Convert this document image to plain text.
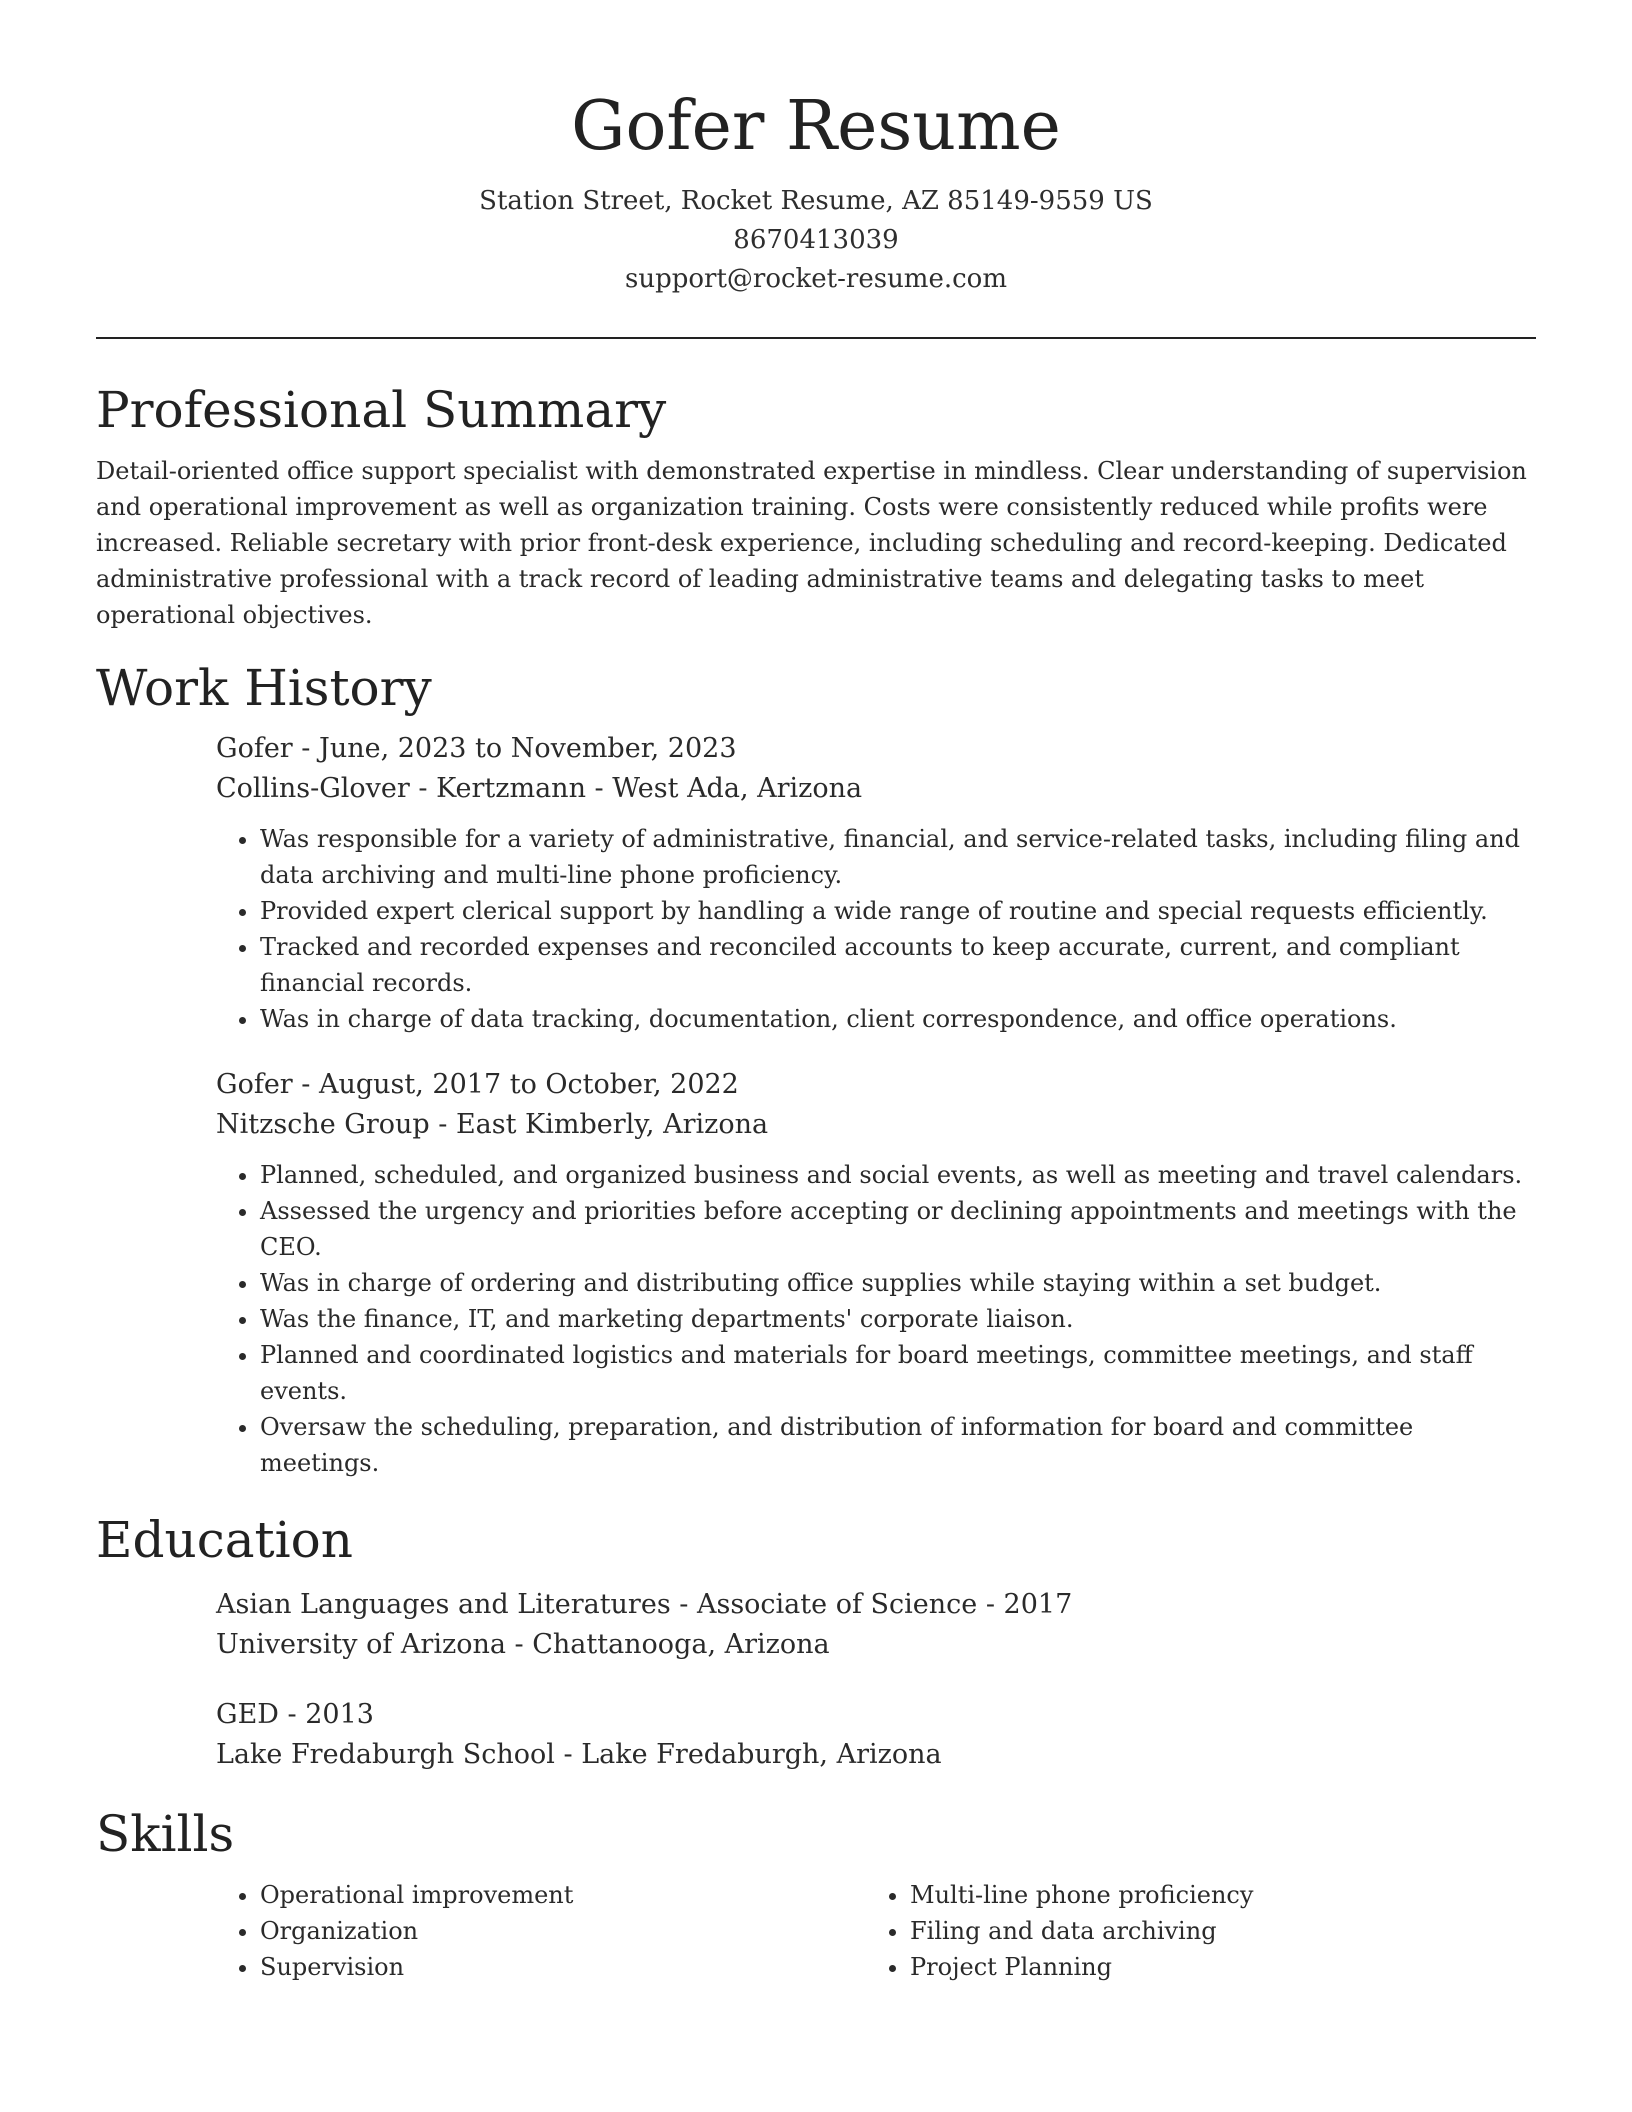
Gofer Resume
Station Street, Rocket Resume, AZ 85149-9559 US
8670413039
support@rocket-resume.com
Professional Summary

Detail-oriented office support specialist with demonstrated expertise in mindless. Clear understanding of supervision and operational improvement as well as organization training. Costs were consistently reduced while profits were increased. Reliable secretary with prior front-desk experience, including scheduling and record-keeping. Dedicated administrative professional with a track record of leading administrative teams and delegating tasks to meet operational objectives.

Work History
Gofer - June, 2023 to November, 2023
Collins-Glover - Kertzmann - West Ada, Arizona
• Was responsible for a variety of administrative, financial, and service-related tasks, including filing and data archiving and multi-line phone proficiency.
• Provided expert clerical support by handling a wide range of routine and special requests efficiently.
• Tracked and recorded expenses and reconciled accounts to keep accurate, current, and compliant financial records.
• Was in charge of data tracking, documentation, client correspondence, and office operations.
Gofer - August, 2017 to October, 2022
Nitzsche Group - East Kimberly, Arizona
• Planned, scheduled, and organized business and social events, as well as meeting and travel calendars.
• Assessed the urgency and priorities before accepting or declining appointments and meetings with the CEO.
• Was in charge of ordering and distributing office supplies while staying within a set budget.
• Was the finance, IT, and marketing departments' corporate liaison.
• Planned and coordinated logistics and materials for board meetings, committee meetings, and staff events.
• Oversaw the scheduling, preparation, and distribution of information for board and committee meetings.
Education
Asian Languages and Literatures - Associate of Science - 2017
University of Arizona - Chattanooga, Arizona
GED - 2013
Lake Fredaburgh School - Lake Fredaburgh, Arizona
Skills
• Operational improvement
• Organization
• Supervision
• Multi-line phone proficiency
• Filing and data archiving
• Project Planning
